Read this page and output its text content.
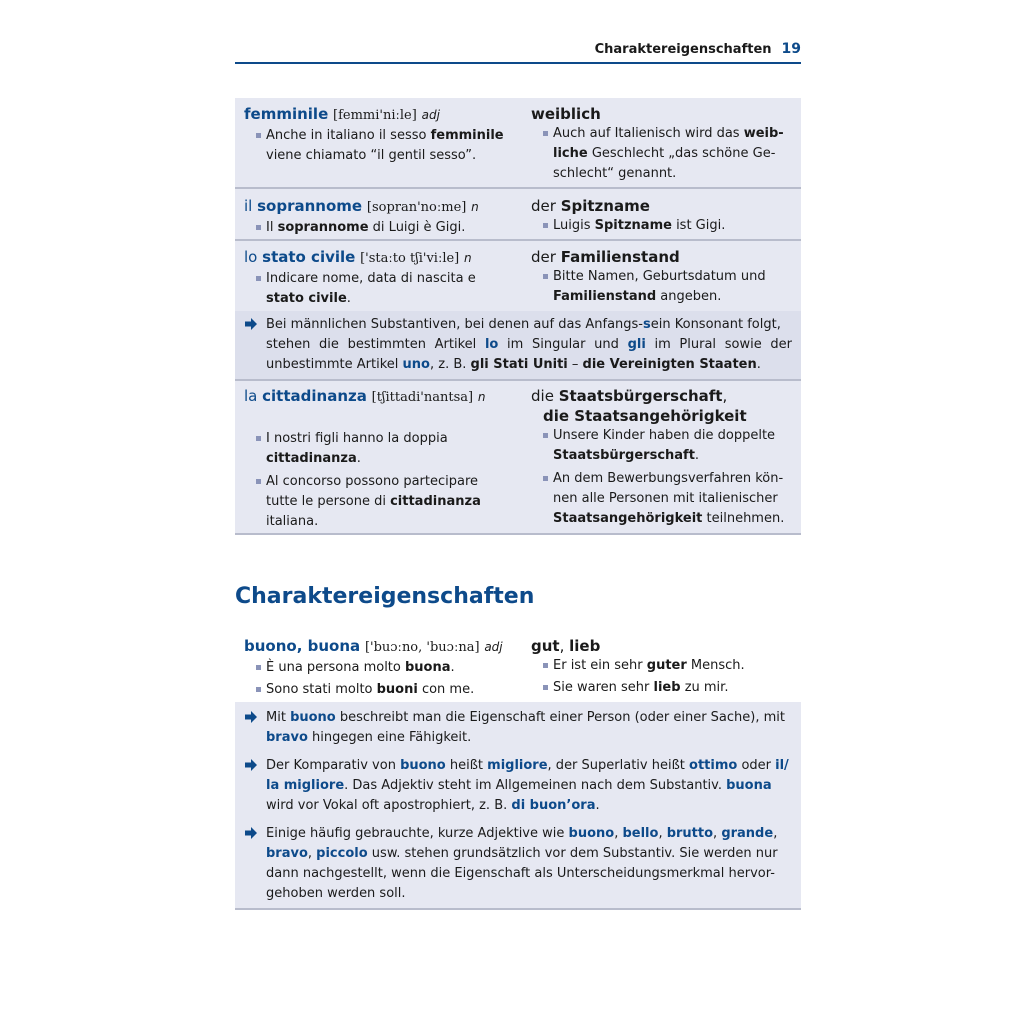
Charaktereigenschaften 19
femminile [femmi'niːle] adj
Anche in italiano il sesso femminile
viene chiamato “il gentil sesso”.
weiblich
Auch auf Italienisch wird das weib-
liche Geschlecht „das schöne Ge-
schlecht“ genannt.
il soprannome [sopran'noːme] n
Il soprannome di Luigi è Gigi.
der Spitzname
Luigis Spitzname ist Gigi.
lo stato civile ['staːto tʃi'viːle] n
Indicare nome, data di nascita e
stato civile.
der Familienstand
Bitte Namen, Geburtsdatum und
Familienstand angeben.
Bei männlichen Substantiven, bei denen auf das Anfangs- s ein Konsonant folgt,
stehen die bestimmten Artikel lo im Singular und gli im Plural sowie der
unbestimmte Artikel uno , z. B. gli Stati Uniti – die Vereinigten Staaten .
la cittadinanza [tʃittadi'nantsa] n
I nostri figli hanno la doppia
cittadinanza.
Al concorso possono partecipare
tutte le persone di cittadinanza
italiana.
die Staatsbürgerschaft,
die Staatsangehörigkeit
Unsere Kinder haben die doppelte
Staatsbürgerschaft.
An dem Bewerbungsverfahren kön-
nen alle Personen mit italienischer
Staatsangehörigkeit teilnehmen.
Charaktereigenschaften
buono, buona ['buɔːno, 'buɔːna] adj
È una persona molto buona.
Sono stati molto buoni con me.
gut, lieb
Er ist ein sehr guter Mensch.
Sie waren sehr lieb zu mir.
Mit buono beschreibt man die Eigenschaft einer Person (oder einer Sache), mit
bravo hingegen eine Fähigkeit.
Der Komparativ von buono heißt migliore , der Superlativ heißt ottimo oder il/
la migliore . Das Adjektiv steht im Allgemeinen nach dem Substantiv. buona
wird vor Vokal oft apostrophiert, z. B. di buon’ora .
Einige häufig gebrauchte, kurze Adjektive wie buono , bello , brutto , grande ,
bravo , piccolo usw. stehen grundsätzlich vor dem Substantiv. Sie werden nur
dann nachgestellt, wenn die Eigenschaft als Unterscheidungsmerkmal hervor-
gehoben werden soll.
